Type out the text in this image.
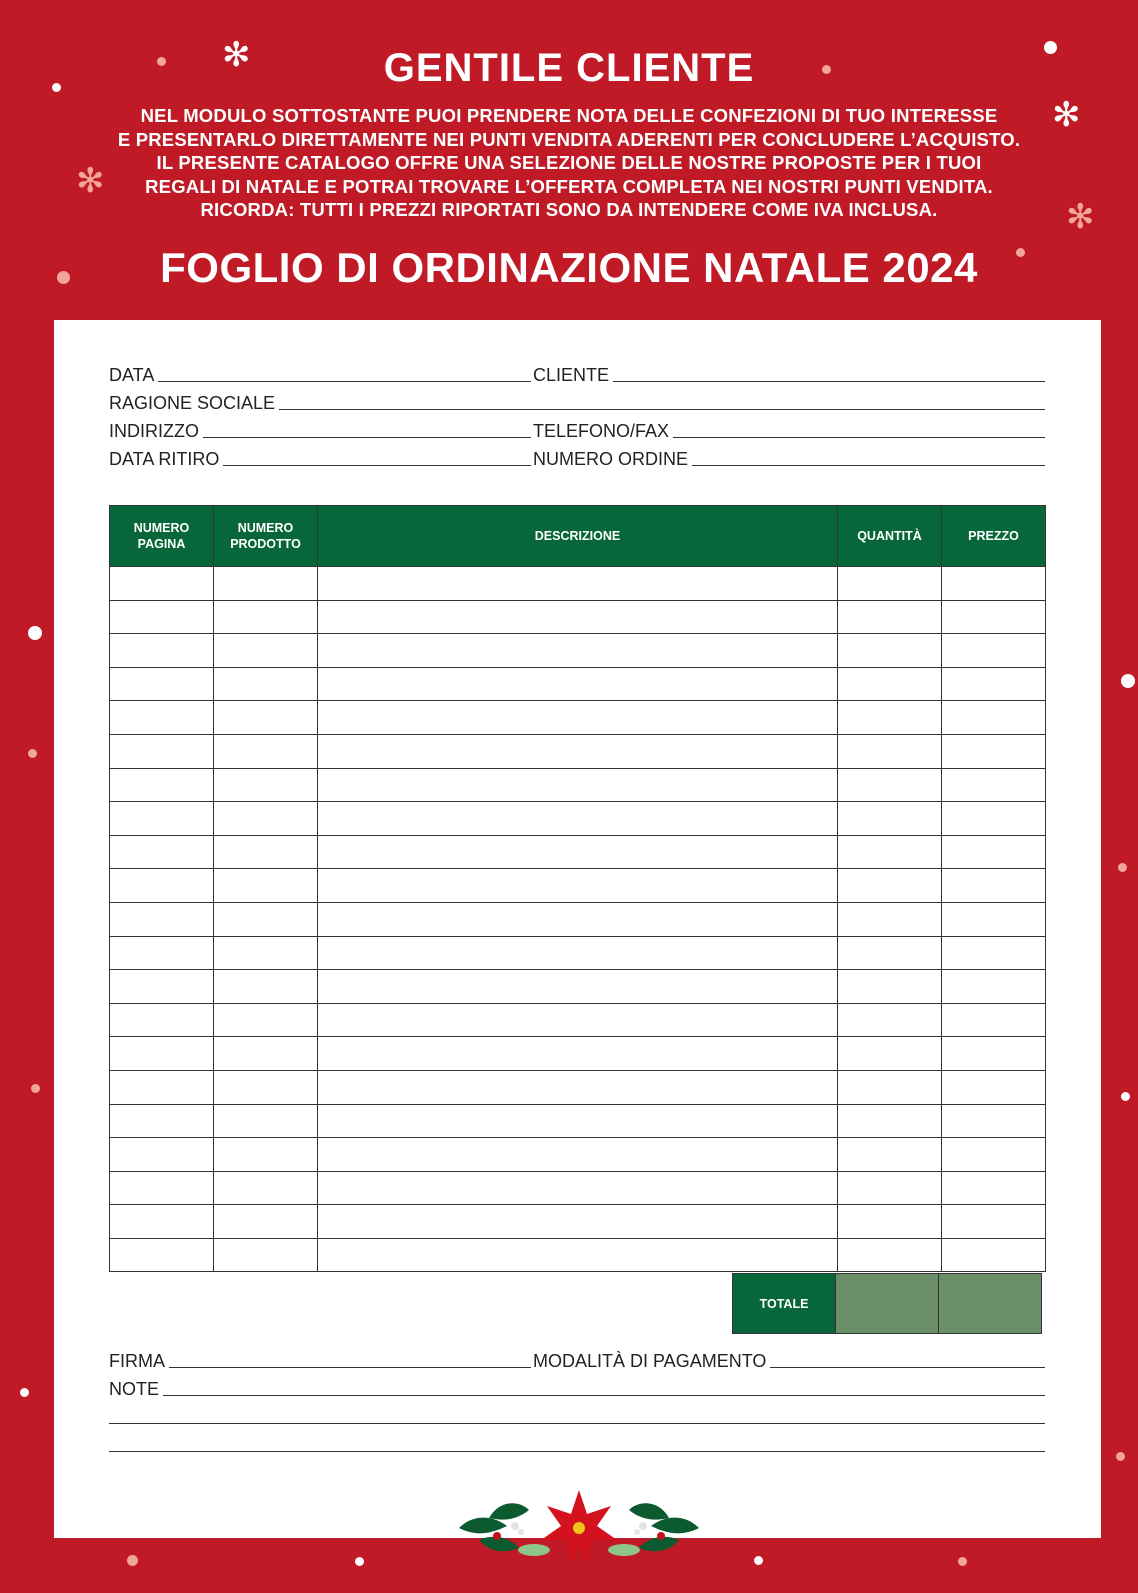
✻
✻
✻
✻
GENTILE CLIENTE
NEL MODULO SOTTOSTANTE PUOI PRENDERE NOTA DELLE CONFEZIONI DI TUO INTERESSE
E PRESENTARLO DIRETTAMENTE NEI PUNTI VENDITA ADERENTI PER CONCLUDERE L’ACQUISTO.
IL PRESENTE CATALOGO OFFRE UNA SELEZIONE DELLE NOSTRE PROPOSTE PER I TUOI
REGALI DI NATALE E POTRAI TROVARE L’OFFERTA COMPLETA NEI NOSTRI PUNTI VENDITA.
RICORDA: TUTTI I PREZZI RIPORTATI SONO DA INTENDERE COME IVA INCLUSA.
FOGLIO DI ORDINAZIONE NATALE 2024
DATA	CLIENTE
RAGIONE SOCIALE
INDIRIZZO	TELEFONO/FAX
DATA RITIRO	NUMERO ORDINE
NUMERO PAGINA	NUMERO PRODOTTO	DESCRIZIONE	QUANTITÀ	PREZZO

TOTALE
FIRMA	MODALITÀ DI PAGAMENTO
NOTE
